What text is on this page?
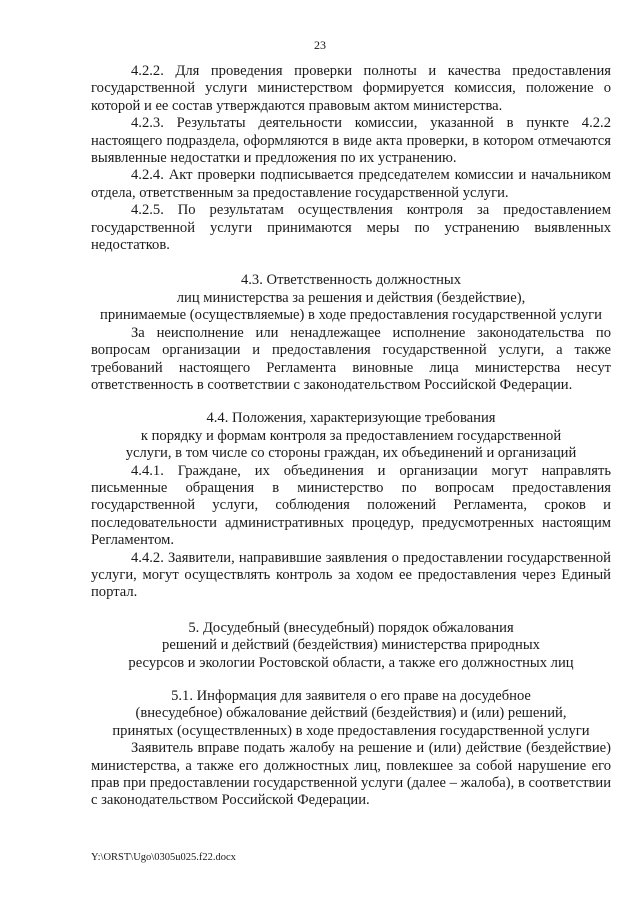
23

4.2.2. Для проведения проверки полноты и качества предоставления государственной услуги министерством формируется комиссия, положение о которой и ее состав утверждаются правовым актом министерства.

4.2.3. Результаты деятельности комиссии, указанной в пункте 4.2.2 настоящего подраздела, оформляются в виде акта проверки, в котором отмечаются выявленные недостатки и предложения по их устранению.

4.2.4. Акт проверки подписывается председателем комиссии и начальником отдела, ответственным за предоставление государственной услуги.

4.2.5. По результатам осуществления контроля за предоставлением государственной услуги принимаются меры по устранению выявленных недостатков.

4.3. Ответственность должностных
лиц министерства за решения и действия (бездействие),
принимаемые (осуществляемые) в ходе предоставления государственной услуги

За неисполнение или ненадлежащее исполнение законодательства по вопросам организации и предоставления государственной услуги, а также требований настоящего Регламента виновные лица министерства несут ответственность в соответствии с законодательством Российской Федерации.

4.4. Положения, характеризующие требования
к порядку и формам контроля за предоставлением государственной
услуги, в том числе со стороны граждан, их объединений и организаций

4.4.1. Граждане, их объединения и организации могут направлять письменные обращения в министерство по вопросам предоставления государственной услуги, соблюдения положений Регламента, сроков и последовательности административных процедур, предусмотренных настоящим Регламентом.

4.4.2. Заявители, направившие заявления о предоставлении государственной услуги, могут осуществлять контроль за ходом ее предоставления через Единый портал.

5. Досудебный (внесудебный) порядок обжалования
решений и действий (бездействия) министерства природных
ресурсов и экологии Ростовской области, а также его должностных лиц
5.1. Информация для заявителя о его праве на досудебное
(внесудебное) обжалование действий (бездействия) и (или) решений,
принятых (осуществленных) в ходе предоставления государственной услуги

Заявитель вправе подать жалобу на решение и (или) действие (бездействие) министерства, а также его должностных лиц, повлекшее за собой нарушение его прав при предоставлении государственной услуги (далее – жалоба), в соответствии с законодательством Российской Федерации.

Y:\ORST\Ugo\0305u025.f22.docx
